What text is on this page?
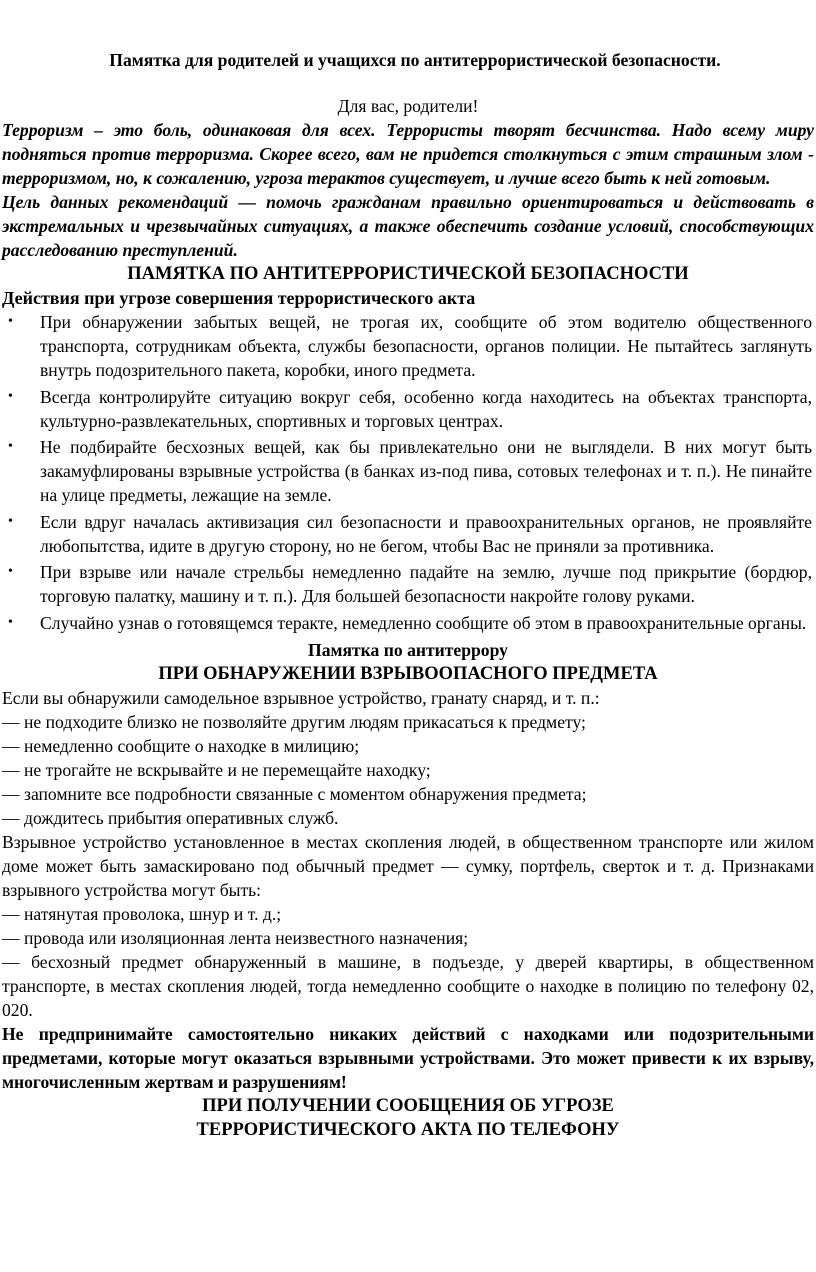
Памятка для родителей и учащихся по антитеррористической безопасности.

Для вас, родители!

Терроризм – это боль, одинаковая для всех. Террористы творят бесчинства. Надо всему миру подняться против терроризма. Скорее всего, вам не придется столкнуться с этим страшным злом - терроризмом, но, к сожалению, угроза терактов существует, и лучше всего быть к ней готовым.

Цель данных рекомендаций — помочь гражданам правильно ориентироваться и действовать в экстремальных и чрезвычайных ситуациях, а также обеспечить создание условий, способствующих расследованию преступлений.

ПАМЯТКА ПО АНТИТЕРРОРИСТИЧЕСКОЙ БЕЗОПАСНОСТИ

Действия при угрозе совершения террористического акта

• При обнаружении забытых вещей, не трогая их, сообщите об этом водителю общественного транспорта, сотрудникам объекта, службы безопасности, органов полиции. Не пытайтесь заглянуть внутрь подозрительного пакета, коробки, иного предмета.
• Всегда контролируйте ситуацию вокруг себя, особенно когда находитесь на объектах транспорта, культурно-развлекательных, спортивных и торговых центрах.
• Не подбирайте бесхозных вещей, как бы привлекательно они не выглядели. В них могут быть закамуфлированы взрывные устройства (в банках из-под пива, сотовых телефонах и т. п.). Не пинайте на улице предметы, лежащие на земле.
• Если вдруг началась активизация сил безопасности и правоохранительных органов, не проявляйте любопытства, идите в другую сторону, но не бегом, чтобы Вас не приняли за противника.
• При взрыве или начале стрельбы немедленно падайте на землю, лучше под прикрытие (бордюр, торговую палатку, машину и т. п.). Для большей безопасности накройте голову руками.
• Случайно узнав о готовящемся теракте, немедленно сообщите об этом в правоохранительные органы.

Памятка по антитеррору

ПРИ ОБНАРУЖЕНИИ ВЗРЫВООПАСНОГО ПРЕДМЕТА

Если вы обнаружили самодельное взрывное устройство, гранату снаряд, и т. п.:

— не подходите близко не позволяйте другим людям прикасаться к предмету;

— немедленно сообщите о находке в милицию;

— не трогайте не вскрывайте и не перемещайте находку;

— запомните все подробности связанные с моментом обнаружения предмета;

— дождитесь прибытия оперативных служб.

Взрывное устройство установленное в местах скопления людей, в общественном транспорте или жилом доме может быть замаскировано под обычный предмет — сумку, портфель, сверток и т. д. Признаками взрывного устройства могут быть:

— натянутая проволока, шнур и т. д.;

— провода или изоляционная лента неизвестного назначения;

— бесхозный предмет обнаруженный в машине, в подъезде, у дверей квартиры, в общественном транспорте, в местах скопления людей, тогда немедленно сообщите о находке в полицию по телефону 02, 020.

Не предпринимайте самостоятельно никаких действий с находками или подозрительными предметами, которые могут оказаться взрывными устройствами. Это может привести к их взрыву, многочисленным жертвам и разрушениям!

ПРИ ПОЛУЧЕНИИ СООБЩЕНИЯ ОБ УГРОЗЕ

ТЕРРОРИСТИЧЕСКОГО АКТА ПО ТЕЛЕФОНУ
